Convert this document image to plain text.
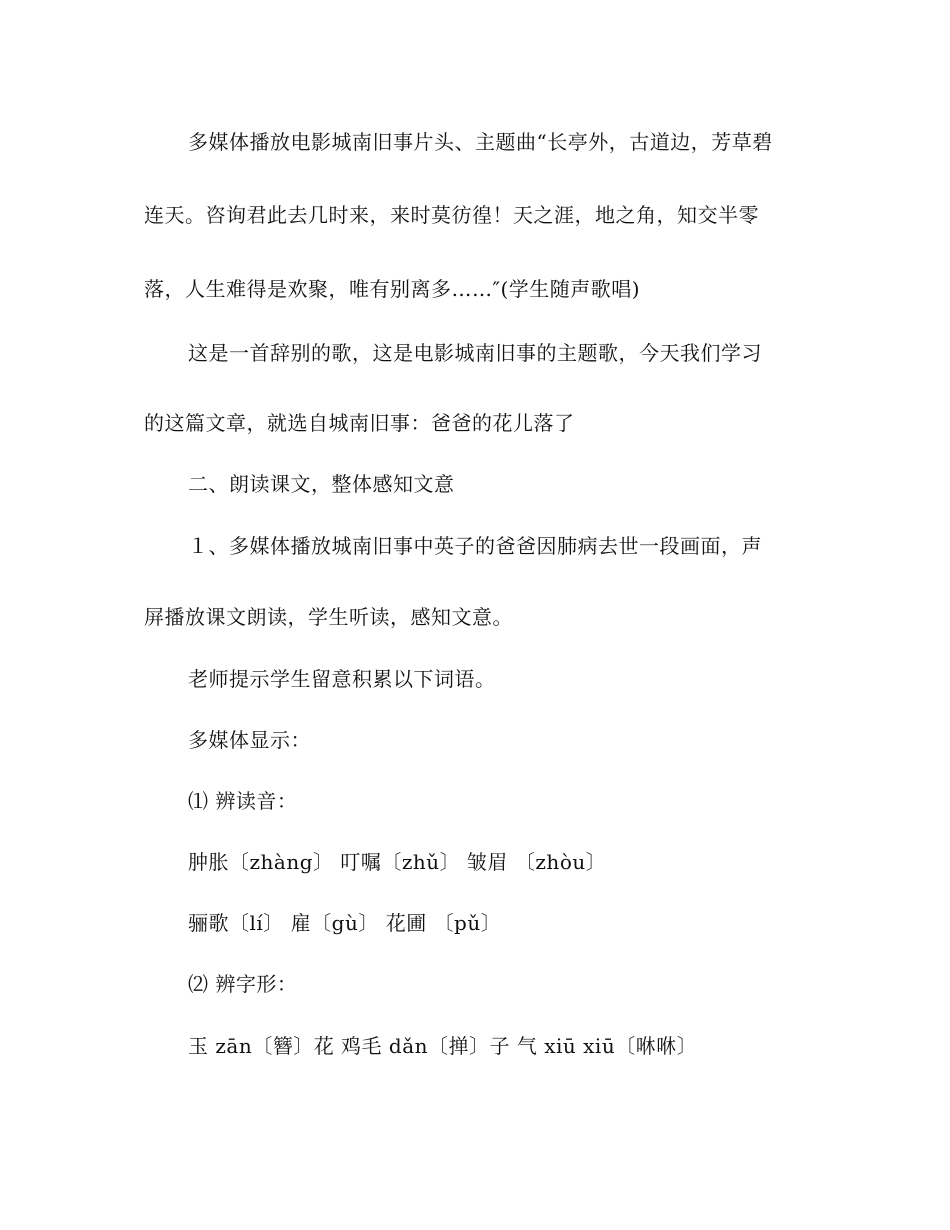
多媒体播放电影城南旧事片头、主题曲“长亭外，古道边，芳草碧
连天。咨询君此去几时来，来时莫彷徨！天之涯，地之角，知交半零
落，人生难得是欢聚，唯有别离多……″(学生随声歌唱)
这是一首辞别的歌，这是电影城南旧事的主题歌，今天我们学习
的这篇文章，就选自城南旧事：爸爸的花儿落了
二、朗读课文，整体感知文意
１、多媒体播放城南旧事中英子的爸爸因肺病去世一段画面，声
屏播放课文朗读，学生听读，感知文意。
老师提示学生留意积累以下词语。
多媒体显示：
⑴ 辨读音：
肿胀〔zhàng〕 叮嘱〔zhǔ〕 皱眉 〔zhòu〕
骊歌〔lí〕 雇〔gù〕 花圃 〔pǔ〕
⑵ 辨字形：
玉 zān〔簪〕花 鸡毛 dǎn〔掸〕子 气 xiū xiū〔咻咻〕
